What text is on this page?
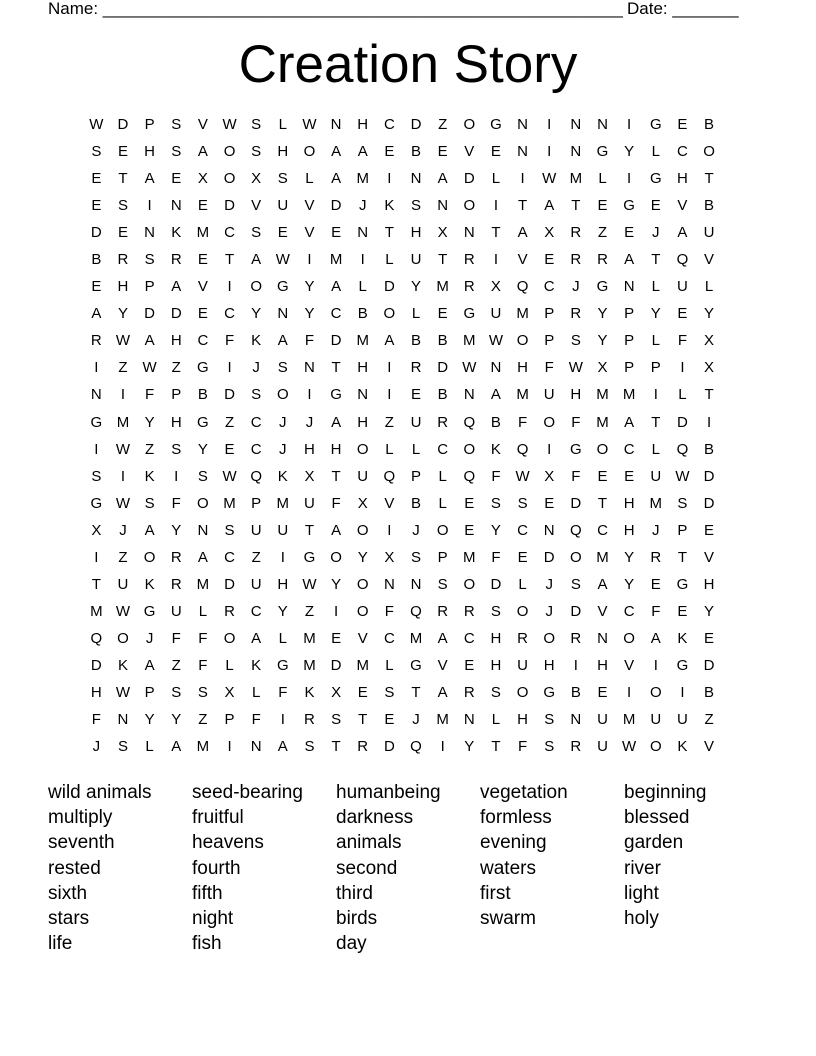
Name: _______________________________________________________ Date: _______
Creation Story
W D	P	S	V W S	L	W N	H	C	D	Z	O G	N	I	N	N	I	G	E	B
S	E	H	S	A	O	S	H	O	A	A	E	B	E	V	E	N	I	N	G	Y	L	C	O
E	T	A	E	X	O	X	S	L	A	M	I	N	A	D	L	I	W M	L	I	G	H	T
E	S	I	N	E	D	V	U	V	D	J	K	S	N	O	I	T	A	T	E	G	E	V	B
D	E	N	K	M C	S	E	V	E	N	T	H	X	N	T	A	X	R	Z	E	J	A	U
B	R	S	R	E	T	A W	I	M	I	L	U	T	R	I	V	E	R	R	A	T	Q	V
E	H	P	A	V	I	O G	Y	A	L	D	Y	M R	X	Q	C	J	G	N	L	U	L
A	Y	D	D	E	C	Y	N	Y	C	B	O	L	E	G	U M	P	R	Y	P	Y	E	Y
R W A	H	C	F	K	A	F	D M	A	B	B	M W O	P	S	Y	P	L	F	X
I	Z W Z	G	I	J	S	N	T	H	I	R	D W N	H	F W X	P	P	I	X
N	I	F	P	B	D	S	O	I	G	N	I	E	B	N	A	M U	H M M	I	L	T
G M	Y	H	G	Z	C	J	J	A	H	Z	U	R	Q	B	F	O	F	M	A	T	D	I
I	W Z	S	Y	E	C	J	H	H	O	L	L	C	O	K	Q	I	G O	C	L	Q	B
S	I	K	I	S W Q	K	X	T	U	Q	P	L	Q	F W X	F	E	E	U W D
G W S	F	O M	P	M U	F	X	V	B	L	E	S	S	E	D	T	H M	S	D
X	J	A	Y	N	S	U	U	T	A	O	I	J	O	E	Y	C	N	Q	C	H	J	P	E
I	Z	O	R	A	C	Z	I	G O	Y	X	S	P	M	F	E	D	O M	Y	R	T	V
T	U	K	R M D	U	H W Y	O	N	N	S	O	D	L	J	S	A	Y	E	G	H
M W G	U	L	R	C	Y	Z	I	O	F	Q	R	R	S	O	J	D	V	C	F	E	Y
Q O	J	F	F	O	A	L	M	E	V	C M	A	C	H	R	O	R	N	O	A	K	E
D	K	A	Z	F	L	K	G M D M	L	G	V	E	H	U	H	I	H	V	I	G	D
H W P	S	S	X	L	F	K	X	E	S	T	A	R	S	O G	B	E	I	O	I	B
F	N	Y	Y	Z	P	F	I	R	S	T	E	J	M N	L	H	S	N	U M U	U	Z
J	S	L	A	M	I	N	A	S	T	R	D	Q	I	Y	T	F	S	R	U W O	K	V
wild animals	seed-bearing	humanbeing	vegetation	beginning
multiply	fruitful	darkness	formless	blessed
seventh	heavens	animals	evening	garden
rested	fourth	second	waters	river
sixth	fifth	third	first	light
stars	night	birds	swarm	holy
life	fish	day
